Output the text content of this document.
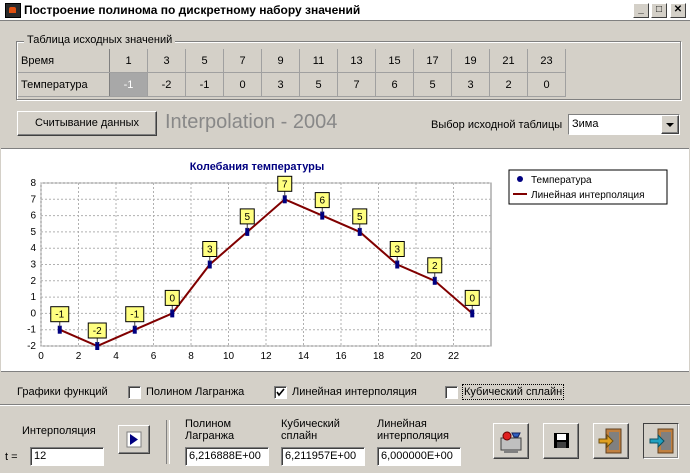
Построение полинома по дискретному набору значений	_	□	✕
Таблица исходных значений
Время	1	3	5	7	9	11	13	15	17	19	21	23
Температура	-1	-2	-1	0	3	5	7	6	5	3	2	0
Считывание данных	Interpolation - 2004	Выбор исходной таблицы Зима
Колебания температуры
0	2	4	6	8	10	12	14	16	18	20	22
-2
-1
0
1
2
3
4
5
6
7
8
-1
-2
-1
0
3
5
7
6
5
3
2
0
Температура
Линейная интерполяция
Графики функций	Полином Лагранжа	Линейная интерполяция	Кубический сплайн
Интерполяция
t = 12
Полином
Лагранжа
6,216888E+00
Кубический
сплайн
6,211957E+00
Линейная
интерполяция
6,000000E+00
